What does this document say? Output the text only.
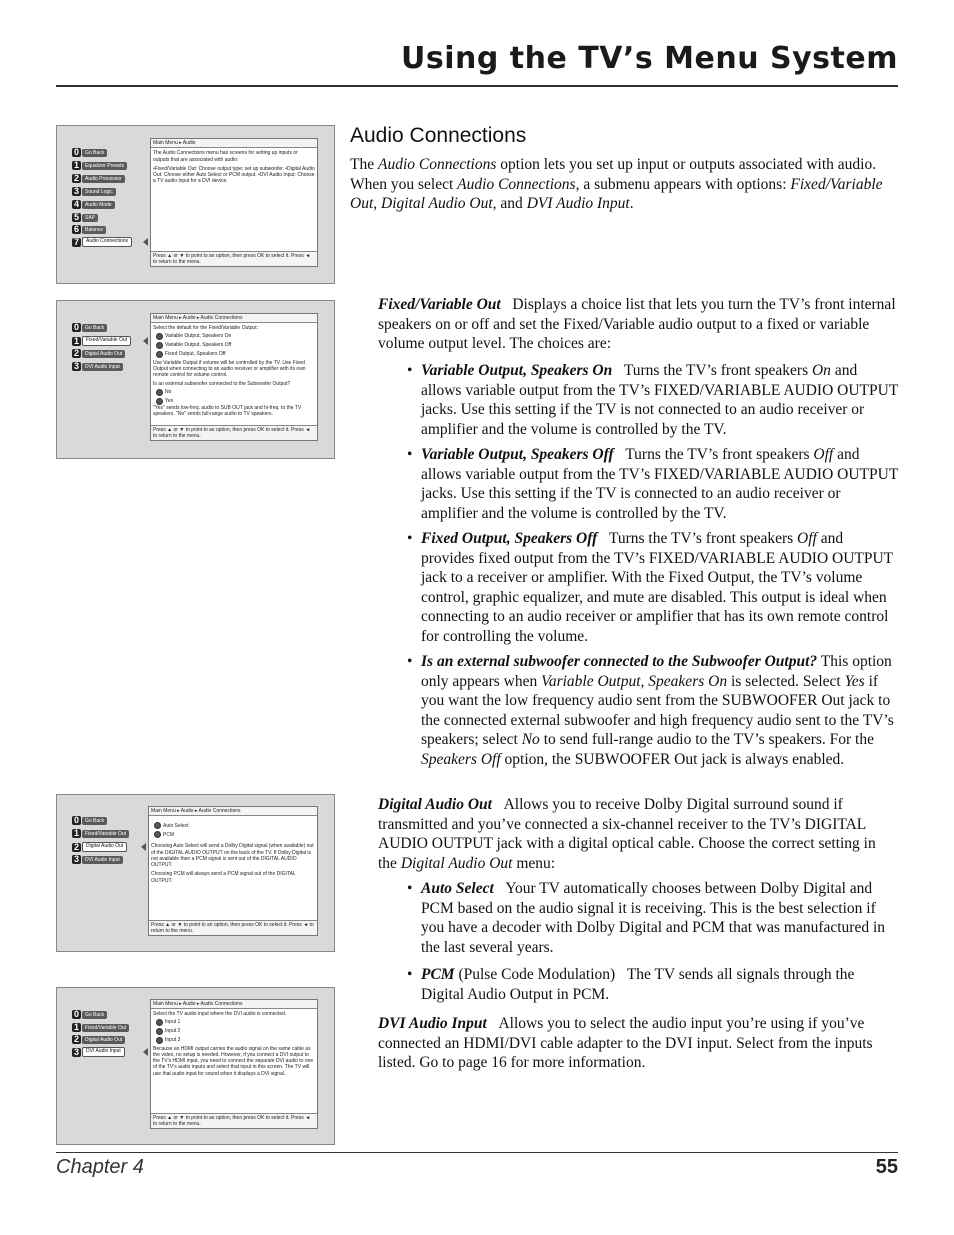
Using the TV’s Menu System
0	Go Back
1	Equalizer Presets
2	Audio Processor
3	Sound Logic
4	Audio Mode
5	SAP
6	Balance
7	Audio Connections
Main Menu ▸ Audio

The Audio Connections menu has screens for setting up inputs or outputs that are associated with audio:

•Fixed/Variable Out: Choose output type; set up subwoofer. •Digital Audio Out: Choose either Auto Select or PCM output. •DVI Audio Input: Choose a TV audio input for a DVI device.

Press ▲ or ▼ to point to an option, then press OK to select it. Press ◄ to return to the menu.
0	Go Back
1	Fixed/Variable Out
2	Digital Audio Out
3	DVI Audio Input
Main Menu ▸ Audio ▸ Audio Connections

Select the default for the Fixed/Variable Output:

Variable Output, Speakers On
Variable Output, Speakers Off
Fixed Output, Speakers Off

Use Variable Output if volume will be controlled by the TV. Use Fixed Output when connecting to an audio receiver or amplifier with its own remote control for volume control.

Is an external subwoofer connected to the Subwoofer Output?

No
Yes

"Yes" sends low-freq. audio to SUB OUT jack and hi-freq. to the TV speakers. "No" sends full-range audio to TV speakers.

Press ▲ or ▼ to point to an option, then press OK to select it. Press ◄ to return to the menu.
0	Go Back
1	Fixed/Variable Out
2	Digital Audio Out
3	DVI Audio Input
Main Menu ▸ Audio ▸ Audio Connections
Auto Select
PCM

Choosing Auto Select will send a Dolby Digital signal (when available) out of the DIGITAL AUDIO OUTPUT on the back of the TV. If Dolby Digital is not available then a PCM signal is sent out of the DIGITAL AUDIO OUTPUT.

Choosing PCM will always send a PCM signal out of the DIGITAL OUTPUT.

Press ▲ or ▼ to point to an option, then press OK to select it. Press ◄ to return to the menu.
0	Go Back
1	Fixed/Variable Out
2	Digital Audio Out
3	DVI Audio Input
Main Menu ▸ Audio ▸ Audio Connections

Select the TV audio input where the DVI audio is connected.

Input 1
Input 2
Input 3

Because an HDMI output carries the audio signal on the same cable as the video, no setup is needed. However, if you connect a DVI output to the TV’s HDMI input, you need to connect the separate DVI audio to one of the TV’s audio inputs and select that input in this screen. The TV will use that audio input for sound when it displays a DVI signal.

Press ▲ or ▼ to point to an option, then press OK to select it. Press ◄ to return to the menu.
Audio Connections

The Audio Connections option lets you set up input or outputs associated with audio. When you select Audio Connections, a submenu appears with options: Fixed/Variable Out, Digital Audio Out, and DVI Audio Input.

Fixed/Variable Out Displays a choice list that lets you turn the TV’s front internal speakers on or off and set the Fixed/Variable audio output to a fixed or variable volume output level. The choices are:

• Variable Output, Speakers On Turns the TV’s front speakers On and allows variable output from the TV’s FIXED/VARIABLE AUDIO OUTPUT jacks. Use this setting if the TV is not connected to an audio receiver or amplifier and the volume is controlled by the TV.

• Variable Output, Speakers Off Turns the TV’s front speakers Off and allows variable output from the TV’s FIXED/VARIABLE AUDIO OUTPUT jacks. Use this setting if the TV is connected to an audio receiver or amplifier and the volume is controlled by the TV.

• Fixed Output, Speakers Off Turns the TV’s front speakers Off and provides fixed output from the TV’s FIXED/VARIABLE AUDIO OUTPUT jack to a receiver or amplifier. With the Fixed Output, the TV’s volume control, graphic equalizer, and mute are disabled. This output is ideal when connecting to an audio receiver or amplifier that has its own remote control for controlling the volume.

• Is an external subwoofer connected to the Subwoofer Output? This option only appears when Variable Output, Speakers On is selected. Select Yes if you want the low frequency audio sent from the SUBWOOFER Out jack to the connected external subwoofer and high frequency audio sent to the TV’s speakers; select No to send full-range audio to the TV’s speakers. For the Speakers Off option, the SUBWOOFER Out jack is always enabled.

Digital Audio Out Allows you to receive Dolby Digital surround sound if transmitted and you’ve connected a six-channel receiver to the TV’s DIGITAL AUDIO OUTPUT jack with a digital optical cable. Choose the correct setting in the Digital Audio Out menu:

• Auto Select Your TV automatically chooses between Dolby Digital and PCM based on the audio signal it is receiving. This is the best selection if you have a decoder with Dolby Digital and PCM that was manufactured in the last several years.

• PCM (Pulse Code Modulation) The TV sends all signals through the Digital Audio Output in PCM.

DVI Audio Input Allows you to select the audio input you’re using if you’ve connected an HDMI/DVI cable adapter to the DVI input. Select from the inputs listed. Go to page 16 for more information.

Chapter 4	55
